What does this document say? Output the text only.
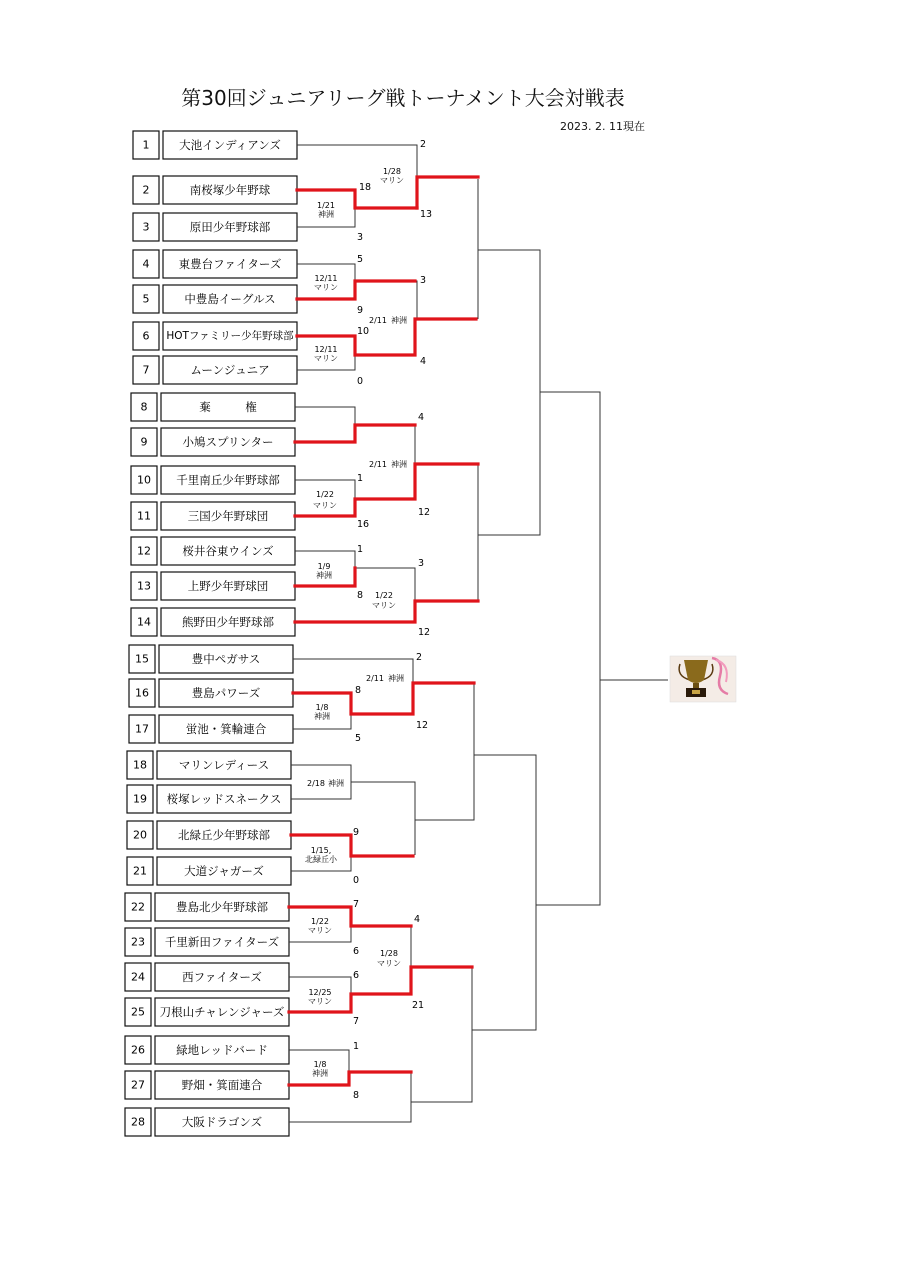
第30回ジュニアリーグ戦トーナメント大会対戦表
2023. 2. 11現在
1	大池インディアンズ
2	南桜塚少年野球
3	原田少年野球部
4	東豊台ファイターズ
5	中豊島イーグルス
6 HOTファミリー少年野球部
7	ムーンジュニア
8	棄　　　権
9	小鳩スプリンター
10 千里南丘少年野球部
11	三国少年野球団
12	桜井谷東ウインズ
13	上野少年野球団
14	熊野田少年野球部
15	豊中ペガサス
16	豊島パワーズ
17	蛍池・箕輪連合
18	マリンレディース
19 桜塚レッドスネークス
20	北緑丘少年野球部
21	大道ジャガーズ
22	豊島北少年野球部
23 千里新田ファイターズ
24	西ファイターズ
25 刀根山チャレンジャーズ
26	緑地レッドバード
27	野畑・箕面連合
28	大阪ドラゴンズ
18
3
5
9
10
0
1
16
1
8
8
5
9
0
7
6
6
7
1
8
2
13
3
4
4
12
3
12
2
12
4
21
1/21
神洲
12/11
マリン
12/11
マリン
1/22
マリン
1/9
神洲
1/8
神洲
2/18 神洲
1/15,
北緑丘小
1/22
マリン
12/25
マリン
1/8
神洲
1/28
マリン
2/11 神洲
2/11 神洲
1/22
マリン
2/11 神洲
1/28
マリン
